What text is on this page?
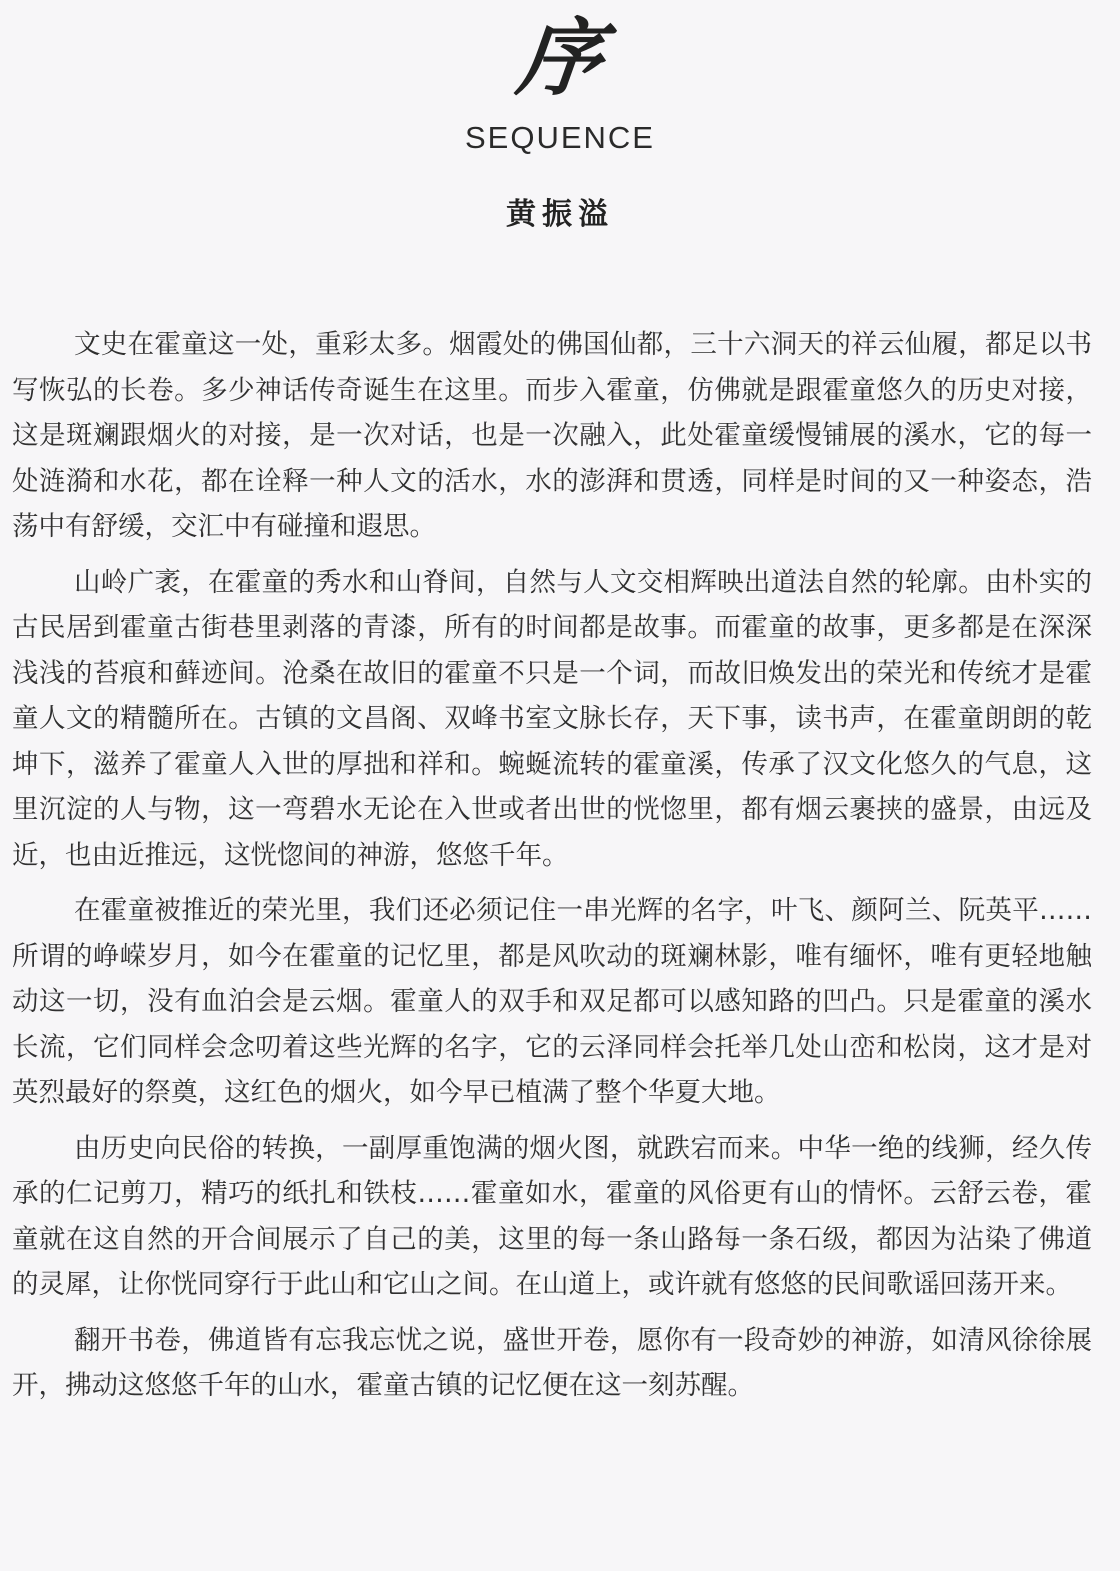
序
SEQUENCE
黄振溢

文史在霍童这一处，重彩太多。烟霞处的佛国仙都，三十六洞天的祥云仙履，都足以书写恢弘的长卷。多少神话传奇诞生在这里。而步入霍童，仿佛就是跟霍童悠久的历史对接，这是斑斓跟烟火的对接，是一次对话，也是一次融入，此处霍童缓慢铺展的溪水，它的每一处涟漪和水花，都在诠释一种人文的活水，水的澎湃和贯透，同样是时间的又一种姿态，浩荡中有舒缓，交汇中有碰撞和遐思。

山岭广袤，在霍童的秀水和山脊间，自然与人文交相辉映出道法自然的轮廓。由朴实的古民居到霍童古街巷里剥落的青漆，所有的时间都是故事。而霍童的故事，更多都是在深深浅浅的苔痕和藓迹间。沧桑在故旧的霍童不只是一个词，而故旧焕发出的荣光和传统才是霍童人文的精髓所在。古镇的文昌阁、双峰书室文脉长存，天下事，读书声，在霍童朗朗的乾坤下，滋养了霍童人入世的厚拙和祥和。蜿蜒流转的霍童溪，传承了汉文化悠久的气息，这里沉淀的人与物，这一弯碧水无论在入世或者出世的恍惚里，都有烟云裹挟的盛景，由远及近，也由近推远，这恍惚间的神游，悠悠千年。

在霍童被推近的荣光里，我们还必须记住一串光辉的名字，叶飞、颜阿兰、阮英平……所谓的峥嵘岁月，如今在霍童的记忆里，都是风吹动的斑斓林影，唯有缅怀，唯有更轻地触动这一切，没有血泊会是云烟。霍童人的双手和双足都可以感知路的凹凸。只是霍童的溪水长流，它们同样会念叨着这些光辉的名字，它的云泽同样会托举几处山峦和松岗，这才是对英烈最好的祭奠，这红色的烟火，如今早已植满了整个华夏大地。

由历史向民俗的转换，一副厚重饱满的烟火图，就跌宕而来。中华一绝的线狮，经久传承的仁记剪刀，精巧的纸扎和铁枝……霍童如水，霍童的风俗更有山的情怀。云舒云卷，霍童就在这自然的开合间展示了自己的美，这里的每一条山路每一条石级，都因为沾染了佛道的灵犀，让你恍同穿行于此山和它山之间。在山道上，或许就有悠悠的民间歌谣回荡开来。

翻开书卷，佛道皆有忘我忘忧之说，盛世开卷，愿你有一段奇妙的神游，如清风徐徐展开，拂动这悠悠千年的山水，霍童古镇的记忆便在这一刻苏醒。
